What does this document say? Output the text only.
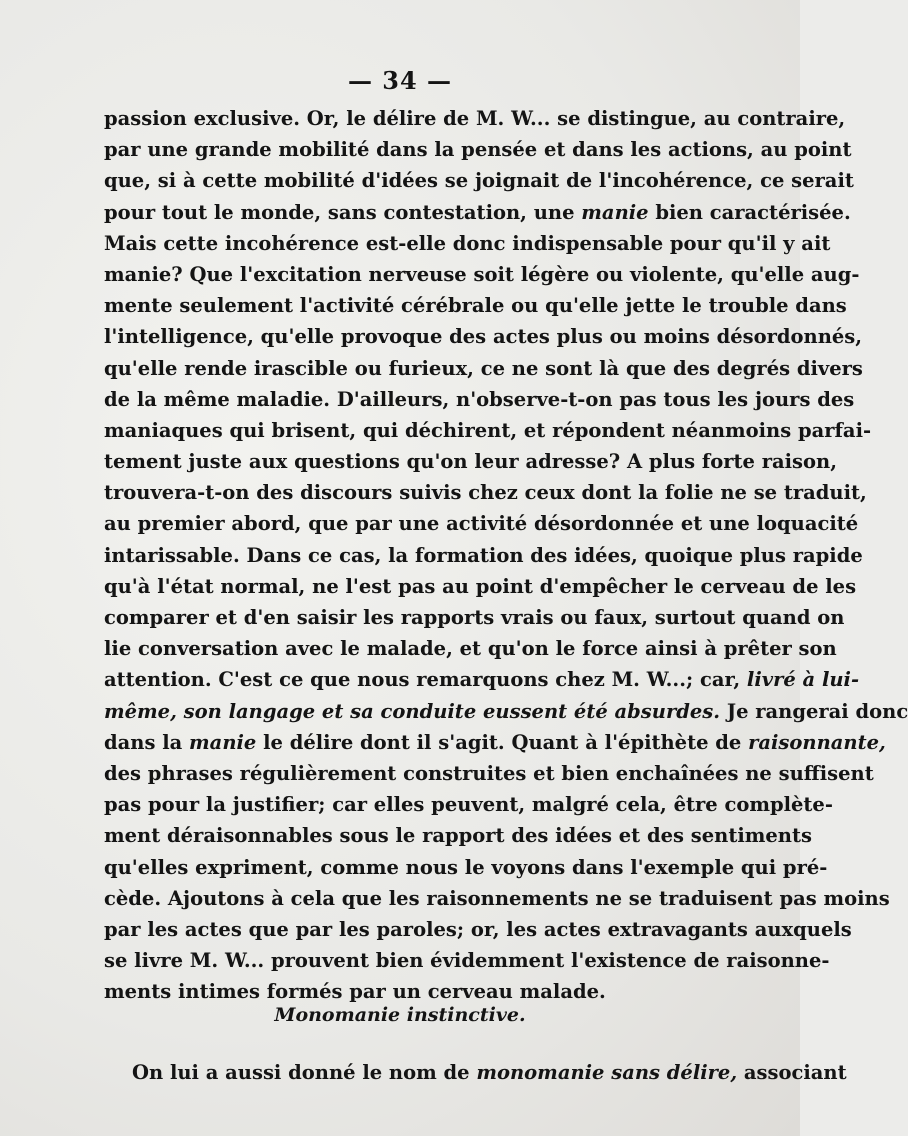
— 34 —
passion exclusive. Or, le délire de M. W... se distingue, au contraire,
par une grande mobilité dans la pensée et dans les actions, au point
que, si à cette mobilité d'idées se joignait de l'incohérence, ce serait
pour tout le monde, sans contestation, une manie bien caractérisée.
Mais cette incohérence est-elle donc indispensable pour qu'il y ait
manie? Que l'excitation nerveuse soit légère ou violente, qu'elle aug-
mente seulement l'activité cérébrale ou qu'elle jette le trouble dans
l'intelligence, qu'elle provoque des actes plus ou moins désordonnés,
qu'elle rende irascible ou furieux, ce ne sont là que des degrés divers
de la même maladie. D'ailleurs, n'observe-t-on pas tous les jours des
maniaques qui brisent, qui déchirent, et répondent néanmoins parfai-
tement juste aux questions qu'on leur adresse? A plus forte raison,
trouvera-t-on des discours suivis chez ceux dont la folie ne se traduit,
au premier abord, que par une activité désordonnée et une loquacité
intarissable. Dans ce cas, la formation des idées, quoique plus rapide
qu'à l'état normal, ne l'est pas au point d'empêcher le cerveau de les
comparer et d'en saisir les rapports vrais ou faux, surtout quand on
lie conversation avec le malade, et qu'on le force ainsi à prêter son
attention. C'est ce que nous remarquons chez M. W...; car, livré à lui-
même, son langage et sa conduite eussent été absurdes. Je rangerai donc
dans la manie le délire dont il s'agit. Quant à l'épithète de raisonnante,
des phrases régulièrement construites et bien enchaînées ne suffisent
pas pour la justifier; car elles peuvent, malgré cela, être complète-
ment déraisonnables sous le rapport des idées et des sentiments
qu'elles expriment, comme nous le voyons dans l'exemple qui pré-
cède. Ajoutons à cela que les raisonnements ne se traduisent pas moins
par les actes que par les paroles; or, les actes extravagants auxquels
se livre M. W... prouvent bien évidemment l'existence de raisonne-
ments intimes formés par un cerveau malade.
Monomanie instinctive.
On lui a aussi donné le nom de monomanie sans délire, associant
